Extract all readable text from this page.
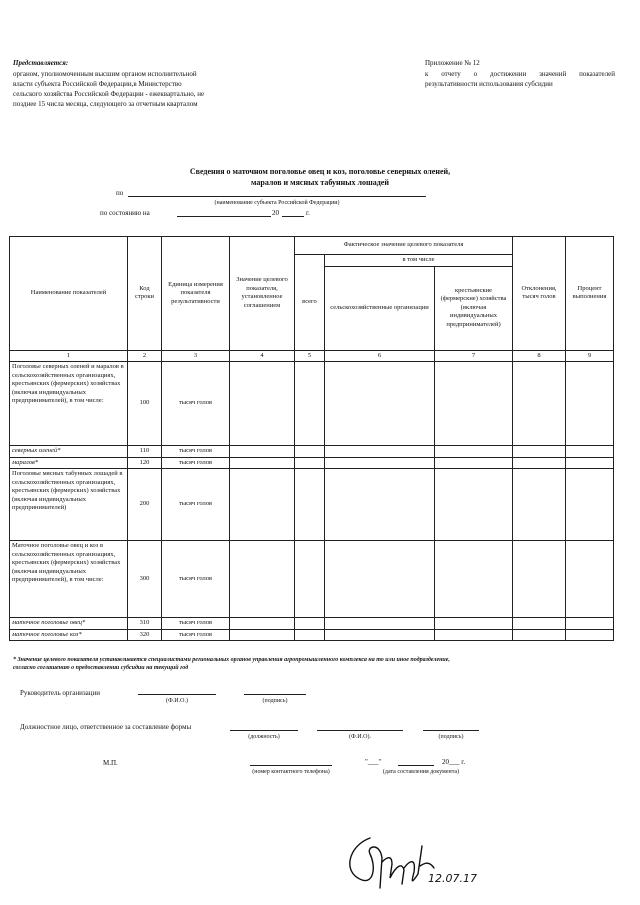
Представляется:
органом, уполномоченным высшим органом исполнительной
власти субъекта Российской Федерации,в Министерство
сельского хозяйства Российской Федерации - ежеквартально, не
позднее 15 числа месяца, следующего за отчетным кварталом
Приложение № 12
к отчету о достижении значений показателей
результативности использования субсидии
Сведения о маточном поголовье овец и коз, поголовье северных оленей,
маралов и мясных табунных лошадей
по
(наименование субъекта Российской Федерации)
по состоянию на	20	г.
Наименование показателей	Код строки	Единица измерения показателя результативности	Значение целевого показателя, установленное соглашением	Фактическое значение целевого показателя			Отклонения, тысяч голов	Процент выполнения
				всего	в том числе			
					сельскохозяйственные организации	крестьянские (фермерские) хозяйства (включая индивидуальных предпринимателей)		
1	2	3	4	5	6	7	8	9
Поголовье северных оленей и маралов в сельскохозяйственных организациях, крестьянских (фермерских) хозяйствах (включая индивидуальных предпринимателей), в том числе:	100	тысяч голов						
северных оленей*	110	тысяч голов						
маралов*	120	тысяч голов						
Поголовье мясных табунных лошадей в сельскохозяйственных организациях, крестьянских (фермерских) хозяйствах (включая индивидуальных предпринимателей)	200	тысяч голов						
Маточное поголовье овец и коз в сельскохозяйственных организациях, крестьянских (фермерских) хозяйствах (включая индивидуальных предпринимателей), в том числе:	300	тысяч голов						
маточное поголовье овец*	310	тысяч голов						
маточное поголовье коз*	320	тысяч голов						
* Значение целевого показателя устанавливается специалистами региональных органов управления агропромышленного комплекса на то или иное подразделение,
согласно соглашению о предоставлении субсидии на текущий год
Руководитель организации
(Ф.И.О.)	(подпись)
Должностное лицо, ответственное за составление формы
(должность)	(Ф.И.О).	(подпись)
М.П.
(номер контактного телефона)
"___"	20___ г.
(дата составления документа)
12.07.17
